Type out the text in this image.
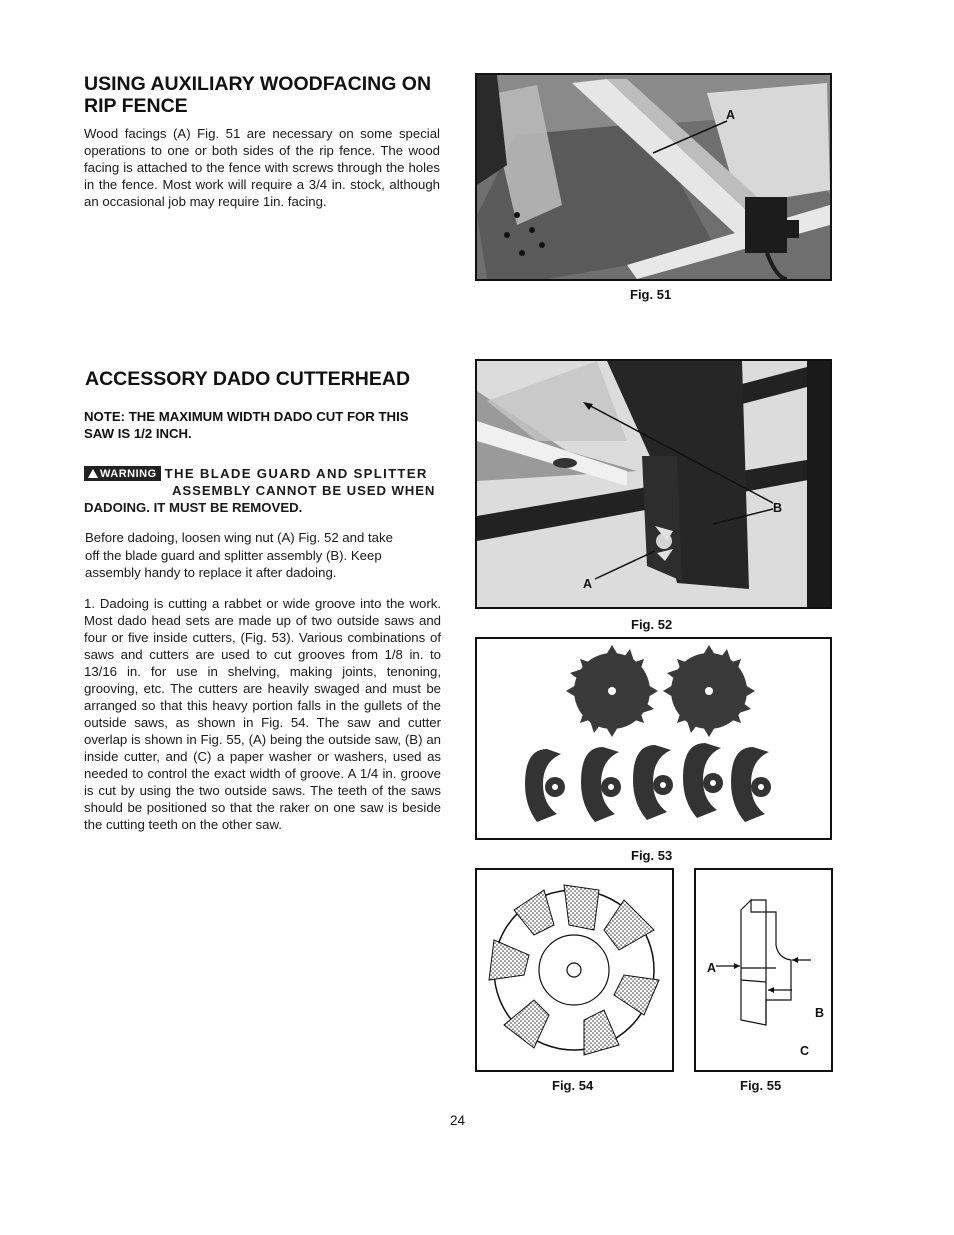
USING AUXILIARY WOODFACING ON
RIP FENCE

Wood facings (A) Fig. 51 are necessary on some special operations to one or both sides of the rip fence. The wood facing is attached to the fence with screws through the holes in the fence. Most work will require a 3/4 in. stock, although an occasional job may require 1in. facing.

A
Fig. 51
ACCESSORY DADO CUTTERHEAD

NOTE: THE MAXIMUM WIDTH DADO CUT FOR THIS
SAW IS 1/2 INCH.

WARNING THE BLADE GUARD AND SPLITTER
ASSEMBLY CANNOT BE USED WHEN
DADOING. IT MUST BE REMOVED.

Before dadoing, loosen wing nut (A) Fig. 52 and take
off the blade guard and splitter assembly (B). Keep
assembly handy to replace it after dadoing.

1. Dadoing is cutting a rabbet or wide groove into the work. Most dado head sets are made up of two outside saws and four or five inside cutters, (Fig. 53). Various combinations of saws and cutters are used to cut grooves from 1/8 in. to 13/16 in. for use in shelving, making joints, tenoning, grooving, etc. The cutters are heavily swaged and must be arranged so that this heavy portion falls in the gullets of the outside saws, as shown in Fig. 54. The saw and cutter overlap is shown in Fig. 55, (A) being the outside saw, (B) an inside cutter, and (C) a paper washer or washers, used as needed to control the exact width of groove. A 1/4 in. groove is cut by using the two outside saws. The teeth of the saws should be positioned so that the raker on one saw is beside the cutting teeth on the other saw.

B
A
Fig. 52
Fig. 53
Fig. 54
A
B
C
Fig. 55
24
